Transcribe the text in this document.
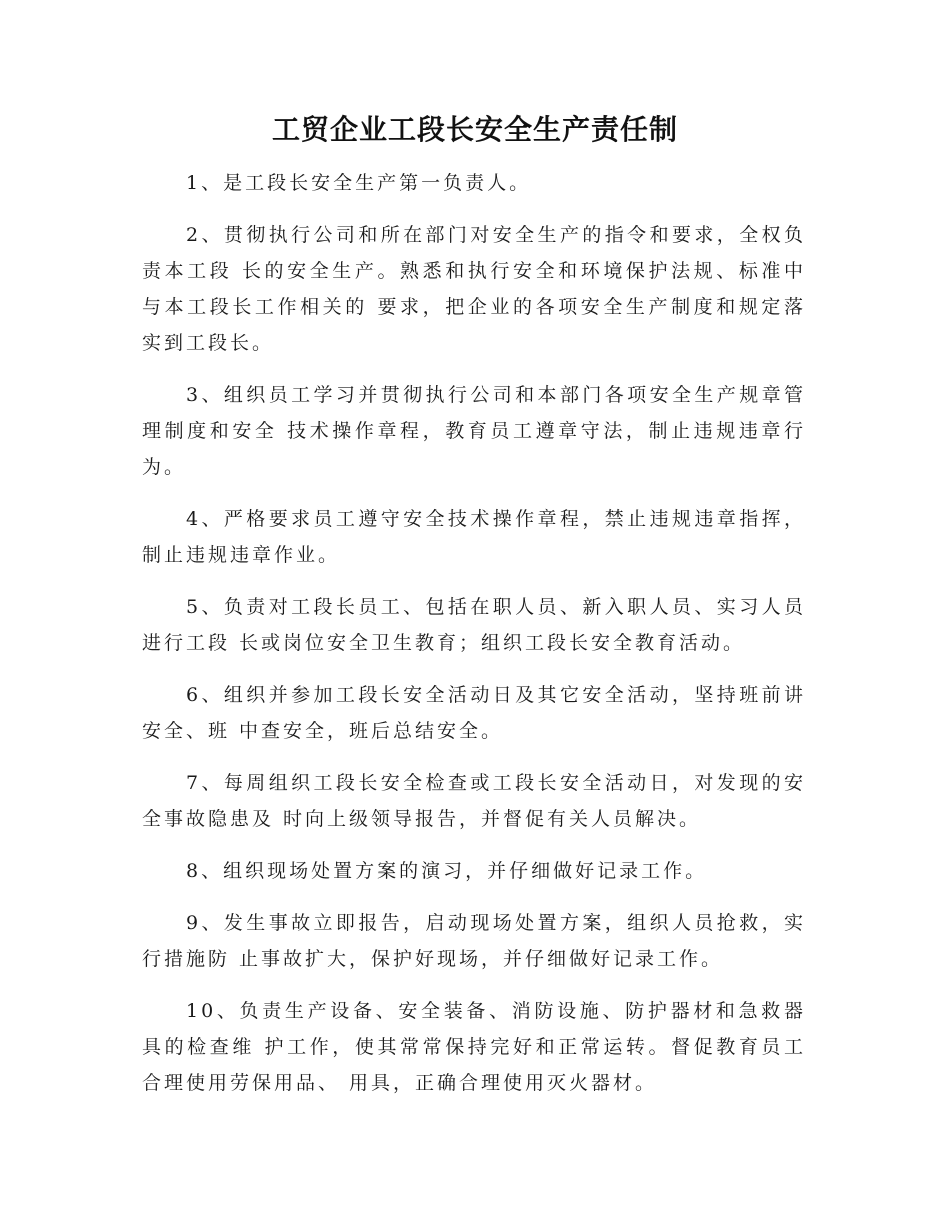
工贸企业工段长安全生产责任制

1、是工段长安全生产第一负责人。

2、贯彻执行公司和所在部门对安全生产的指令和要求，全权负责本工段 长的安全生产。熟悉和执行安全和环境保护法规、标准中与本工段长工作相关的 要求，把企业的各项安全生产制度和规定落实到工段长。

3、组织员工学习并贯彻执行公司和本部门各项安全生产规章管理制度和安全 技术操作章程，教育员工遵章守法，制止违规违章行为。

4、严格要求员工遵守安全技术操作章程，禁止违规违章指挥，制止违规违章作业。

5、负责对工段长员工、包括在职人员、新入职人员、实习人员进行工段 长或岗位安全卫生教育；组织工段长安全教育活动。

6、组织并参加工段长安全活动日及其它安全活动，坚持班前讲安全、班 中查安全，班后总结安全。

7、每周组织工段长安全检查或工段长安全活动日，对发现的安全事故隐患及 时向上级领导报告，并督促有关人员解决。

8、组织现场处置方案的演习，并仔细做好记录工作。

9、发生事故立即报告，启动现场处置方案，组织人员抢救，实行措施防 止事故扩大，保护好现场，并仔细做好记录工作。

10、负责生产设备、安全装备、消防设施、防护器材和急救器具的检查维 护工作，使其常常保持完好和正常运转。督促教育员工合理使用劳保用品、 用具，正确合理使用灭火器材。
